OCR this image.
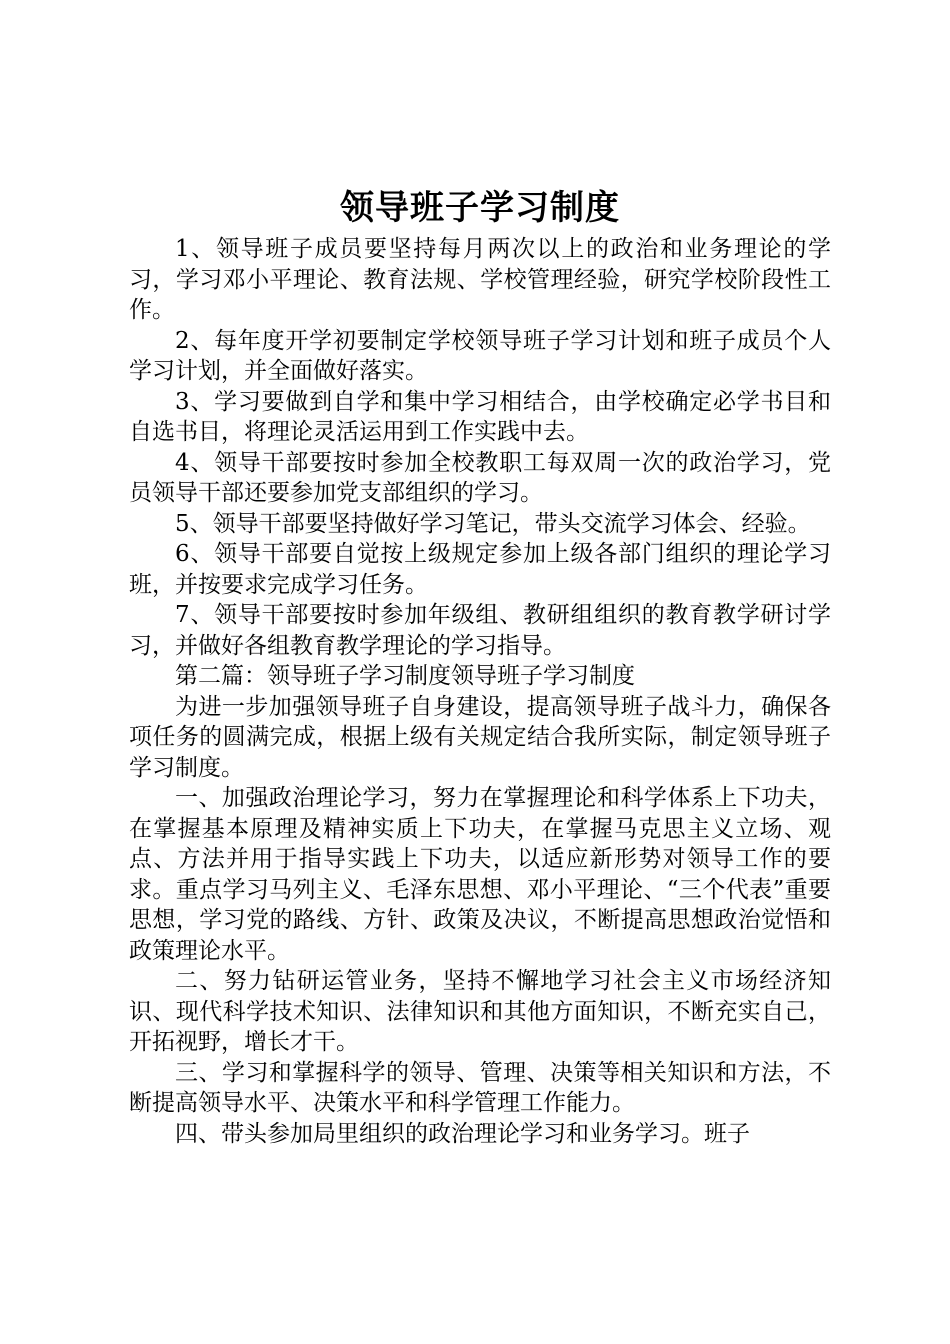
领导班子学习制度

1、领导班子成员要坚持每月两次以上的政治和业务理论的学习，学习邓小平理论、教育法规、学校管理经验，研究学校阶段性工作。

2、每年度开学初要制定学校领导班子学习计划和班子成员个人学习计划，并全面做好落实。

3、学习要做到自学和集中学习相结合，由学校确定必学书目和自选书目，将理论灵活运用到工作实践中去。

4、领导干部要按时参加全校教职工每双周一次的政治学习，党员领导干部还要参加党支部组织的学习。

5、领导干部要坚持做好学习笔记，带头交流学习体会、经验。

6、领导干部要自觉按上级规定参加上级各部门组织的理论学习班，并按要求完成学习任务。

7、领导干部要按时参加年级组、教研组组织的教育教学研讨学习，并做好各组教育教学理论的学习指导。

第二篇：领导班子学习制度领导班子学习制度

为进一步加强领导班子自身建设，提高领导班子战斗力，确保各项任务的圆满完成，根据上级有关规定结合我所实际，制定领导班子学习制度。

一、加强政治理论学习，努力在掌握理论和科学体系上下功夫，在掌握基本原理及精神实质上下功夫，在掌握马克思主义立场、观点、方法并用于指导实践上下功夫，以适应新形势对领导工作的要求。重点学习马列主义、毛泽东思想、邓小平理论、“三个代表”重要思想，学习党的路线、方针、政策及决议，不断提高思想政治觉悟和政策理论水平。

二、努力钻研运管业务，坚持不懈地学习社会主义市场经济知识、现代科学技术知识、法律知识和其他方面知识，不断充实自己，开拓视野，增长才干。

三、学习和掌握科学的领导、管理、决策等相关知识和方法，不断提高领导水平、决策水平和科学管理工作能力。

四、带头参加局里组织的政治理论学习和业务学习。班子
